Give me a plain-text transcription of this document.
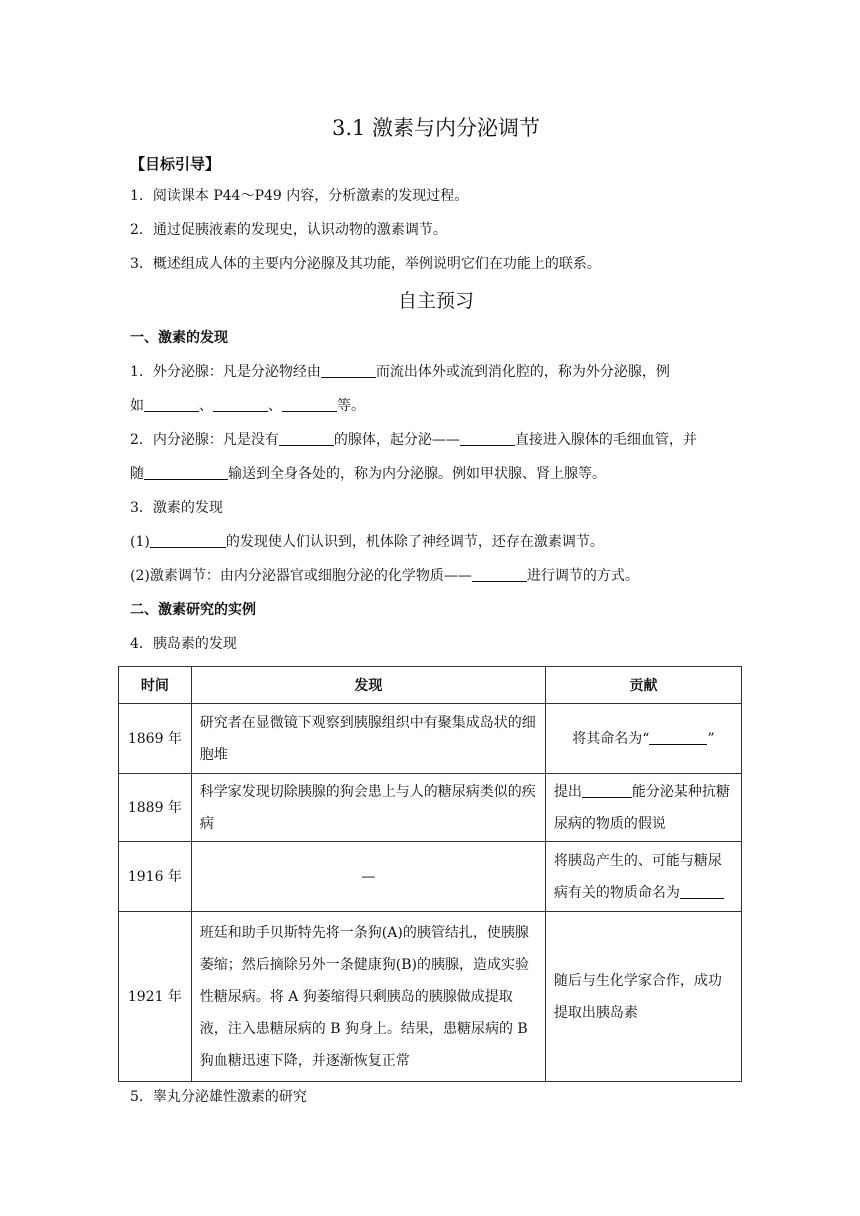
3.1 激素与内分泌调节
【目标引导】
1．阅读课本 P44～P49 内容，分析激素的发现过程。
2．通过促胰液素的发现史，认识动物的激素调节。
3．概述组成人体的主要内分泌腺及其功能，举例说明它们在功能上的联系。
自主预习
一、激素的发现
1．外分泌腺：凡是分泌物经由	而流出体外或流到消化腔的，称为外分泌腺，例
如	、	、	等。
2．内分泌腺：凡是没有	的腺体，起分泌——	直接进入腺体的毛细血管，并
随	输送到全身各处的，称为内分泌腺。例如甲状腺、肾上腺等。
3．激素的发现
(1)	的发现使人们认识到，机体除了神经调节，还存在激素调节。
(2)激素调节：由内分泌器官或细胞分泌的化学物质——	进行调节的方式。
二、激素研究的实例
4．胰岛素的发现
时间	发现	贡献
1869 年	研究者在显微镜下观察到胰腺组织中有聚集成岛状的细胞堆	将其命名为“ ”
1889 年	科学家发现切除胰腺的狗会患上与人的糖尿病类似的疾病	提出 能分泌某种抗糖尿病的物质的假说
1916 年	—	将胰岛产生的、可能与糖尿病有关的物质命名为
1921 年	班廷和助手贝斯特先将一条狗(A)的胰管结扎，使胰腺萎缩；然后摘除另外一条健康狗(B)的胰腺，造成实验性糖尿病。将 A 狗萎缩得只剩胰岛的胰腺做成提取液，注入患糖尿病的 B 狗身上。结果，患糖尿病的 B 狗血糖迅速下降，并逐渐恢复正常	随后与生化学家合作，成功提取出胰岛素
5．睾丸分泌雄性激素的研究
